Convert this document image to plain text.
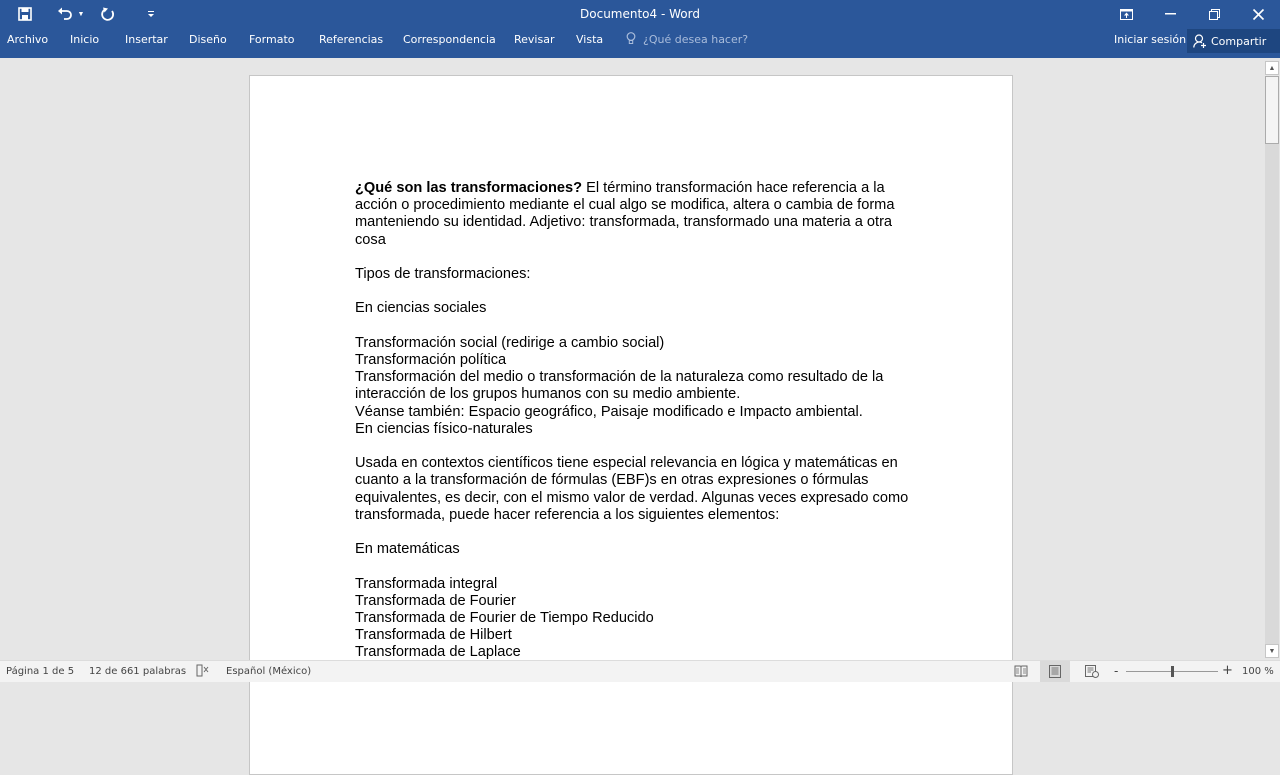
▼	Documento4 - Word
Archivo Inicio Insertar Diseño Formato Referencias Correspondencia Revisar Vista	¿Qué desea hacer?	Iniciar sesión Compartir

¿Qué son las transformaciones? El término transformación hace referencia a la acción o procedimiento mediante el cual algo se modifica, altera o cambia de forma manteniendo su identidad. Adjetivo: transformada, transformado una materia a otra cosa

Tipos de transformaciones:

En ciencias sociales

Transformación social (redirige a cambio social)

Transformación política

Transformación del medio o transformación de la naturaleza como resultado de la interacción de los grupos humanos con su medio ambiente.

Véanse también: Espacio geográfico, Paisaje modificado e Impacto ambiental.

En ciencias físico-naturales

Usada en contextos científicos tiene especial relevancia en lógica y matemáticas en cuanto a la transformación de fórmulas (EBF)s en otras expresiones o fórmulas equivalentes, es decir, con el mismo valor de verdad. Algunas veces expresado como transformada, puede hacer referencia a los siguientes elementos:

En matemáticas

Transformada integral

Transformada de Fourier

Transformada de Fourier de Tiempo Reducido

Transformada de Hilbert

Transformada de Laplace

▲
▼
Página 1 de 5 12 de 661 palabras	Español (México)	-	+ 100 %
